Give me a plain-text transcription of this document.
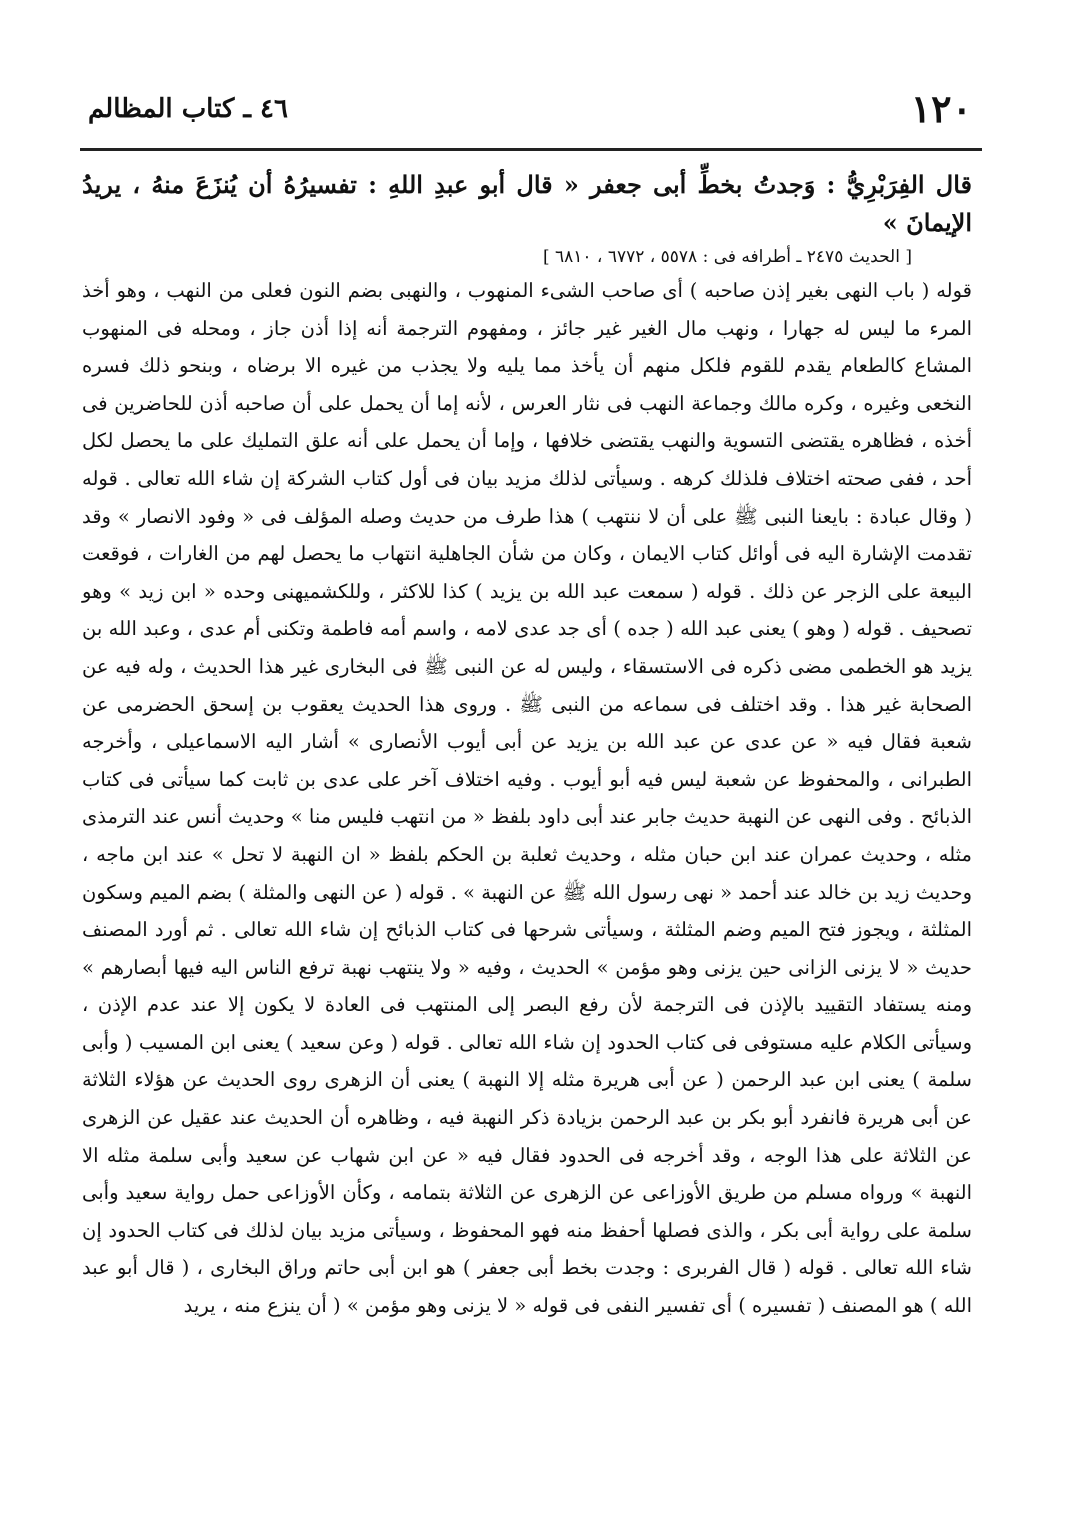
١٢٠
٤٦ ـ كتاب المظالم

قال الفِرَبْرِيُّ : وَجدتُ بخطِّ أبى جعفر « قال أبو عبدِ اللهِ : تفسيرُهُ أن يُنزَعَ منهُ ، يريدُ الإيمانَ »

[ الحديث ٢٤٧٥ ـ أطرافه فى : ٥٥٧٨ ، ٦٧٧٢ ، ٦٨١٠ ]

قوله ( باب النهى بغير إذن صاحبه ) أى صاحب الشىء المنهوب ، والنهبى بضم النون فعلى من النهب ، وهو أخذ المرء ما ليس له جهارا ، ونهب مال الغير غير جائز ، ومفهوم الترجمة أنه إذا أذن جاز ، ومحله فى المنهوب المشاع كالطعام يقدم للقوم فلكل منهم أن يأخذ مما يليه ولا يجذب من غيره الا برضاه ، وبنحو ذلك فسره النخعى وغيره ، وكره مالك وجماعة النهب فى نثار العرس ، لأنه إما أن يحمل على أن صاحبه أذن للحاضرين فى أخذه ، فظاهره يقتضى التسوية والنهب يقتضى خلافها ، وإما أن يحمل على أنه علق التمليك على ما يحصل لكل أحد ، ففى صحته اختلاف فلذلك كرهه . وسيأتى لذلك مزيد بيان فى أول كتاب الشركة إن شاء الله تعالى . قوله ( وقال عبادة : بايعنا النبى ﷺ على أن لا ننتهب ) هذا طرف من حديث وصله المؤلف فى « وفود الانصار » وقد تقدمت الإشارة اليه فى أوائل كتاب الايمان ، وكان من شأن الجاهلية انتهاب ما يحصل لهم من الغارات ، فوقعت البيعة على الزجر عن ذلك . قوله ( سمعت عبد الله بن يزيد ) كذا للاكثر ، وللكشميهنى وحده « ابن زيد » وهو تصحيف . قوله ( وهو ) يعنى عبد الله ( جده ) أى جد عدى لامه ، واسم أمه فاطمة وتكنى أم عدى ، وعبد الله بن يزيد هو الخطمى مضى ذكره فى الاستسقاء ، وليس له عن النبى ﷺ فى البخارى غير هذا الحديث ، وله فيه عن الصحابة غير هذا . وقد اختلف فى سماعه من النبى ﷺ . وروى هذا الحديث يعقوب بن إسحق الحضرمى عن شعبة فقال فيه « عن عدى عن عبد الله بن يزيد عن أبى أيوب الأنصارى » أشار اليه الاسماعيلى ، وأخرجه الطبرانى ، والمحفوظ عن شعبة ليس فيه أبو أيوب . وفيه اختلاف آخر على عدى بن ثابت كما سيأتى فى كتاب الذبائح . وفى النهى عن النهبة حديث جابر عند أبى داود بلفظ « من انتهب فليس منا » وحديث أنس عند الترمذى مثله ، وحديث عمران عند ابن حبان مثله ، وحديث ثعلبة بن الحكم بلفظ « ان النهبة لا تحل » عند ابن ماجه ، وحديث زيد بن خالد عند أحمد « نهى رسول الله ﷺ عن النهبة » . قوله ( عن النهى والمثلة ) بضم الميم وسكون المثلثة ، ويجوز فتح الميم وضم المثلثة ، وسيأتى شرحها فى كتاب الذبائح إن شاء الله تعالى . ثم أورد المصنف حديث « لا يزنى الزانى حين يزنى وهو مؤمن » الحديث ، وفيه « ولا ينتهب نهبة ترفع الناس اليه فيها أبصارهم » ومنه يستفاد التقييد بالإذن فى الترجمة لأن رفع البصر إلى المنتهب فى العادة لا يكون إلا عند عدم الإذن ، وسيأتى الكلام عليه مستوفى فى كتاب الحدود إن شاء الله تعالى . قوله ( وعن سعيد ) يعنى ابن المسيب ( وأبى سلمة ) يعنى ابن عبد الرحمن ( عن أبى هريرة مثله إلا النهبة ) يعنى أن الزهرى روى الحديث عن هؤلاء الثلاثة عن أبى هريرة فانفرد أبو بكر بن عبد الرحمن بزيادة ذكر النهبة فيه ، وظاهره أن الحديث عند عقيل عن الزهرى عن الثلاثة على هذا الوجه ، وقد أخرجه فى الحدود فقال فيه « عن ابن شهاب عن سعيد وأبى سلمة مثله الا النهبة » ورواه مسلم من طريق الأوزاعى عن الزهرى عن الثلاثة بتمامه ، وكأن الأوزاعى حمل رواية سعيد وأبى سلمة على رواية أبى بكر ، والذى فصلها أحفظ منه فهو المحفوظ ، وسيأتى مزيد بيان لذلك فى كتاب الحدود إن شاء الله تعالى . قوله ( قال الفربرى : وجدت بخط أبى جعفر ) هو ابن أبى حاتم وراق البخارى ، ( قال أبو عبد الله ) هو المصنف ( تفسيره ) أى تفسير النفى فى قوله « لا يزنى وهو مؤمن » ( أن ينزع منه ، يريد
